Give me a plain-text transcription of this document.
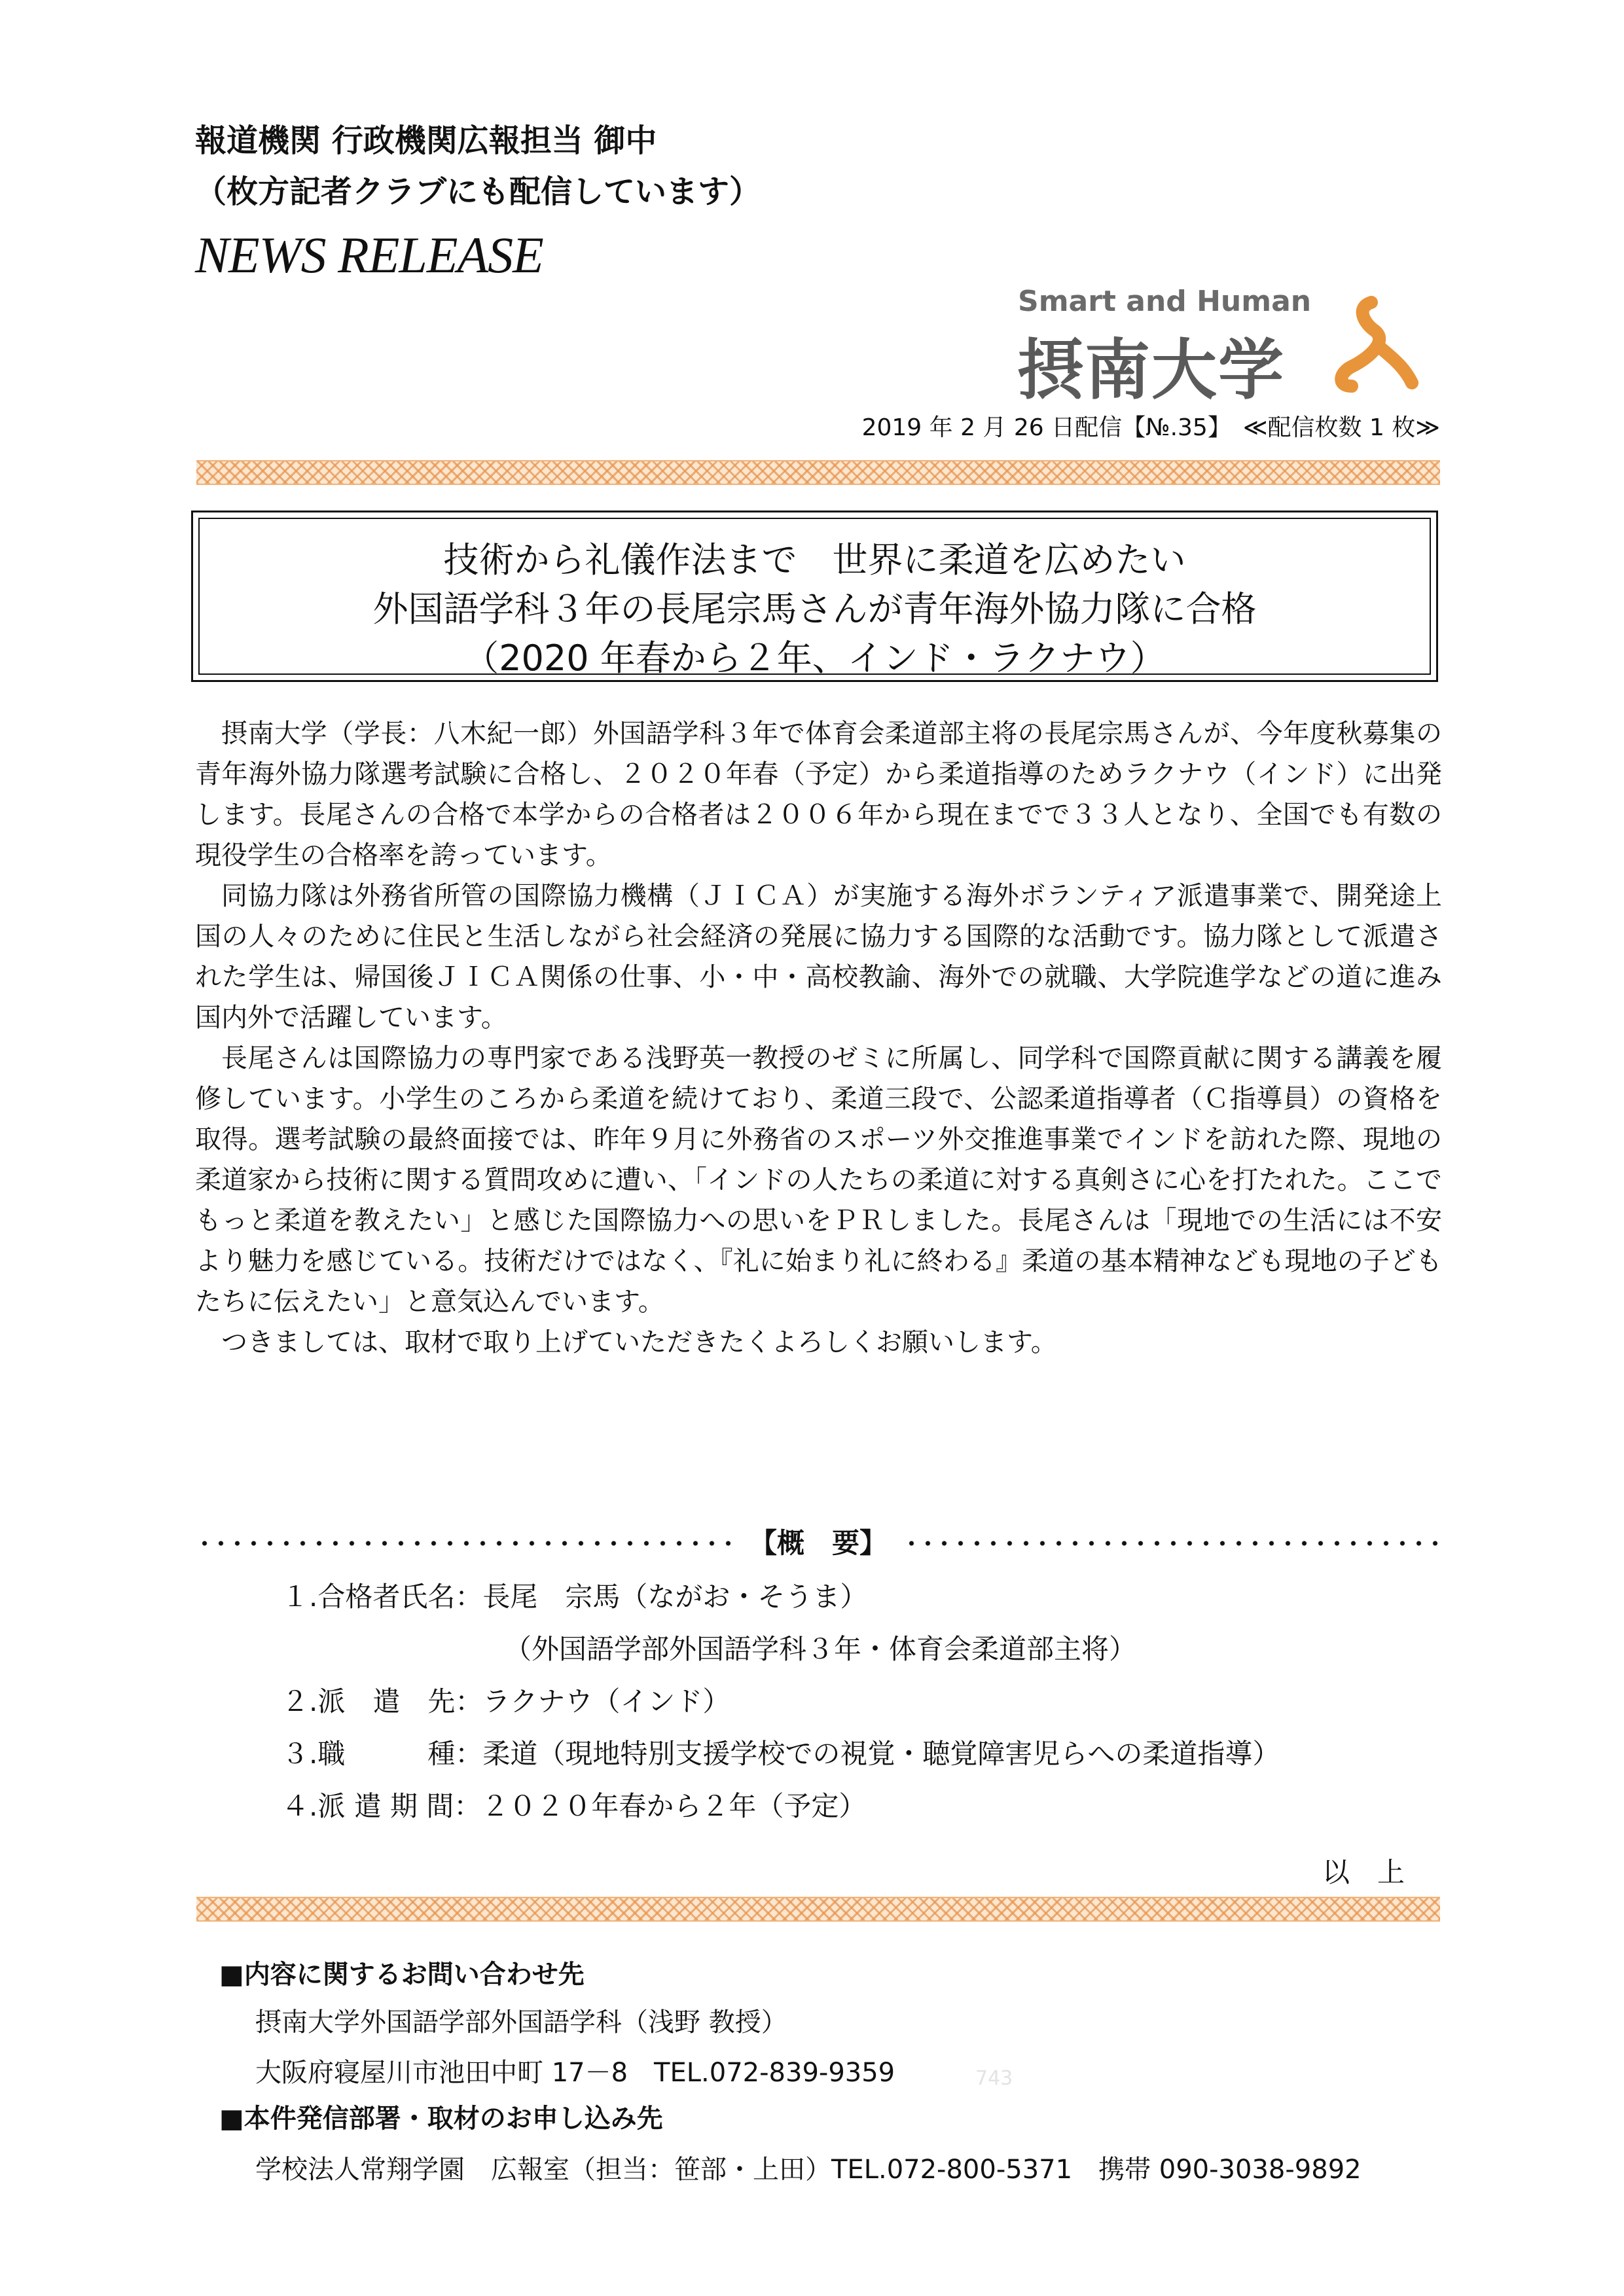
報道機関 行政機関広報担当 御中
（枚方記者クラブにも配信しています）
NEWS RELEASE
Smart and Human
摂南大学
2019 年 2 月 26 日配信【№.35】　≪配信枚数 1 枚≫
技術から礼儀作法まで　世界に柔道を広めたい
外国語学科３年の長尾宗馬さんが青年海外協力隊に合格
（2020 年春から２年、インド・ラクナウ）

摂南大学（学長：八木紀一郎）外国語学科３年で体育会柔道部主将の長尾宗馬さんが、今年度秋募集の青年海外協力隊選考試験に合格し、２０２０年春（予定）から柔道指導のためラクナウ（インド）に出発します。長尾さんの合格で本学からの合格者は２００６年から現在までで３３人となり、全国でも有数の現役学生の合格率を誇っています。

同協力隊は外務省所管の国際協力機構（ＪＩＣＡ）が実施する海外ボランティア派遣事業で、開発途上国の人々のために住民と生活しながら社会経済の発展に協力する国際的な活動です。協力隊として派遣された学生は、帰国後ＪＩＣＡ関係の仕事、小・中・高校教諭、海外での就職、大学院進学などの道に進み国内外で活躍しています。

長尾さんは国際協力の専門家である浅野英一教授のゼミに所属し、同学科で国際貢献に関する講義を履修しています。小学生のころから柔道を続けており、柔道三段で、公認柔道指導者（Ｃ指導員）の資格を取得。選考試験の最終面接では、昨年９月に外務省のスポーツ外交推進事業でインドを訪れた際、現地の柔道家から技術に関する質問攻めに遭い、「インドの人たちの柔道に対する真剣さに心を打たれた。ここでもっと柔道を教えたい」と感じた国際協力への思いをＰＲしました。長尾さんは「現地での生活には不安より魅力を感じている。技術だけではなく、『礼に始まり礼に終わる』柔道の基本精神なども現地の子どもたちに伝えたい」と意気込んでいます。

つきましては、取材で取り上げていただきたくよろしくお願いします。

【概　要】
１.合格者氏名：長尾　宗馬（ながお・そうま）
（外国語学部外国語学科３年・体育会柔道部主将）
２.派　遣　先：ラクナウ（インド）
３.職　　　種：柔道（現地特別支援学校での視覚・聴覚障害児らへの柔道指導）
４.派 遣 期 間：２０２０年春から２年（予定）
以　上
■内容に関するお問い合わせ先
摂南大学外国語学部外国語学科（浅野 教授）
大阪府寝屋川市池田中町 17－8　TEL.072-839-9359	743
■本件発信部署・取材のお申し込み先
学校法人常翔学園　広報室（担当：笹部・上田）TEL.072-800-5371　携帯 090-3038-9892
